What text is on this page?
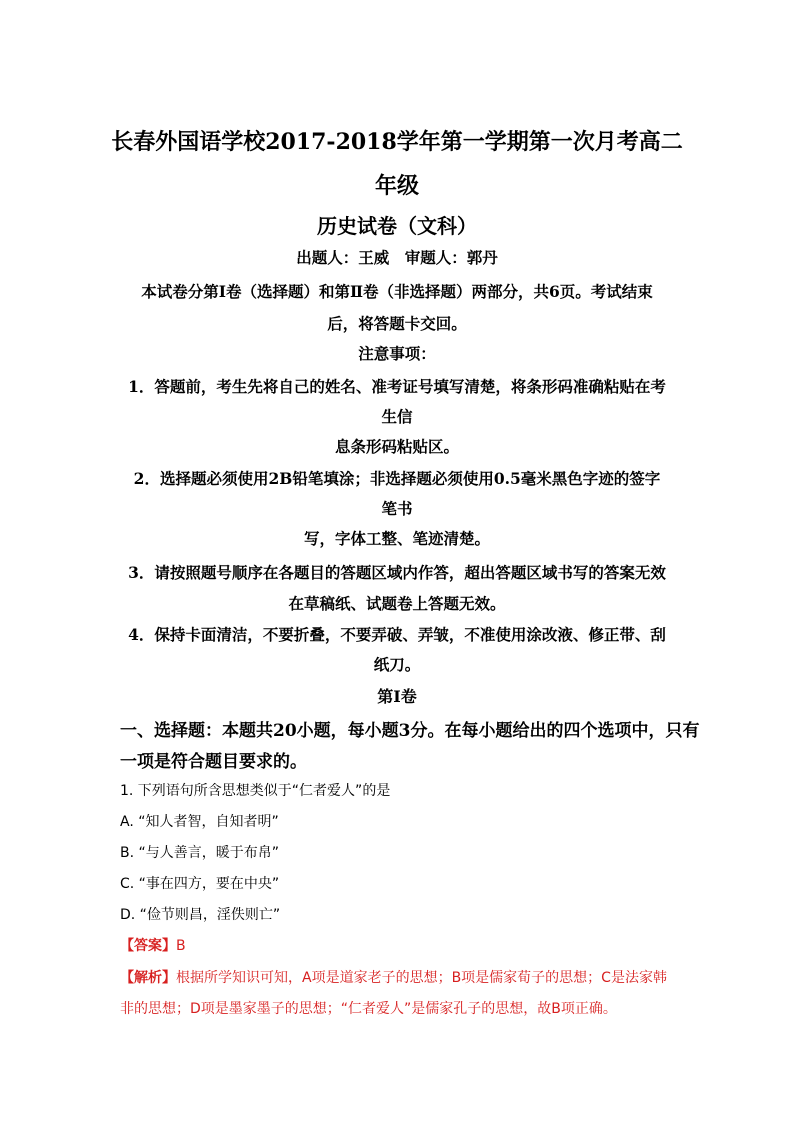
长春外国语学校2017-2018学年第一学期第一次月考高二
年级
历史试卷（文科）
出题人：王威　审题人：郭丹
本试卷分第Ⅰ卷（选择题）和第Ⅱ卷（非选择题）两部分，共6页。考试结束
后，将答题卡交回。
注意事项：
1．答题前，考生先将自己的姓名、准考证号填写清楚，将条形码准确粘贴在考
生信
息条形码粘贴区。
2．选择题必须使用2B铅笔填涂；非选择题必须使用0.5毫米黑色字迹的签字
笔书
写，字体工整、笔迹清楚。
3．请按照题号顺序在各题目的答题区域内作答，超出答题区域书写的答案无效
在草稿纸、试题卷上答题无效。
4．保持卡面清洁，不要折叠，不要弄破、弄皱，不准使用涂改液、修正带、刮
纸刀。
第Ⅰ卷
一、选择题：本题共20小题，每小题3分。在每小题给出的四个选项中，只有
一项是符合题目要求的。
1. 下列语句所含思想类似于“仁者爱人”的是
A. “知人者智，自知者明”
B. “与人善言，暖于布帛”
C. “事在四方，要在中央”
D. “俭节则昌，淫佚则亡”
【答案】B
【解析】根据所学知识可知，A项是道家老子的思想；B项是儒家荀子的思想；C是法家韩
非的思想；D项是墨家墨子的思想；“仁者爱人”是儒家孔子的思想，故B项正确。
